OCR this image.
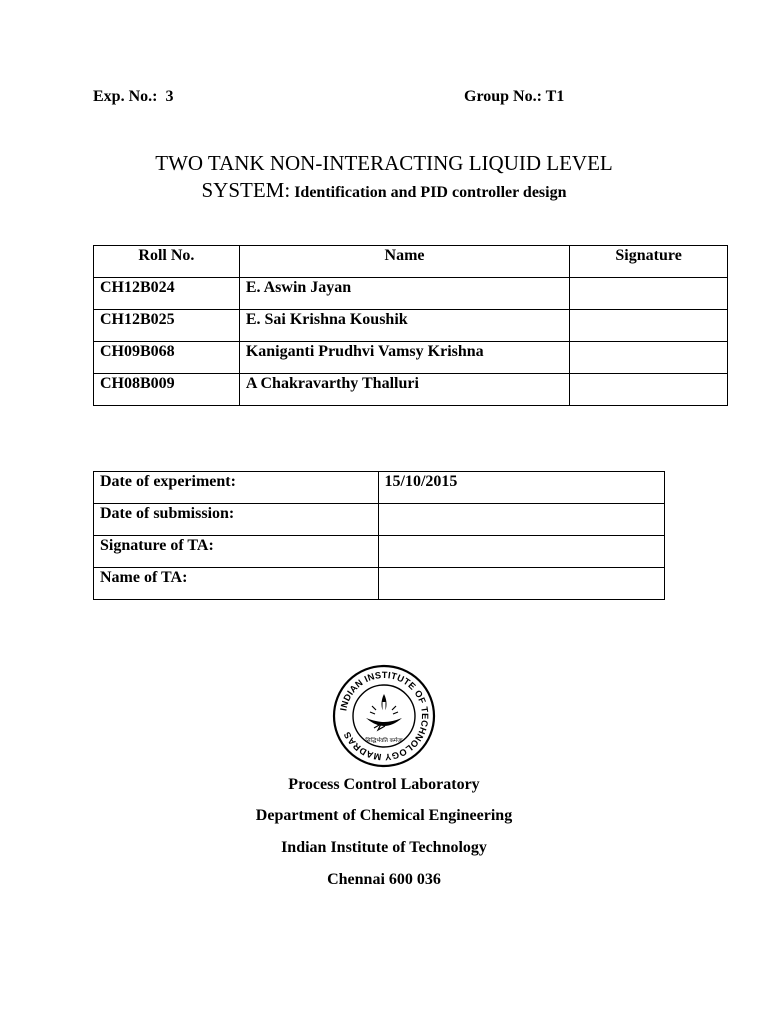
Exp. No.: 3	Group No.: T1
TWO TANK NON-INTERACTING LIQUID LEVEL
SYSTEM: Identification and PID controller design
Roll No.	Name	Signature
CH12B024	E. Aswin Jayan	
CH12B025	E. Sai Krishna Koushik	
CH09B068	Kaniganti Prudhvi Vamsy Krishna	
CH08B009	A Chakravarthy Thalluri	
Date of experiment:	15/10/2015
Date of submission:	
Signature of TA:	
Name of TA:	
INDIAN INSTITUTE OF TECHNOLOGY MADRAS
सिद्धिर्भवति कर्मजा
Process Control Laboratory
Department of Chemical Engineering
Indian Institute of Technology
Chennai 600 036
